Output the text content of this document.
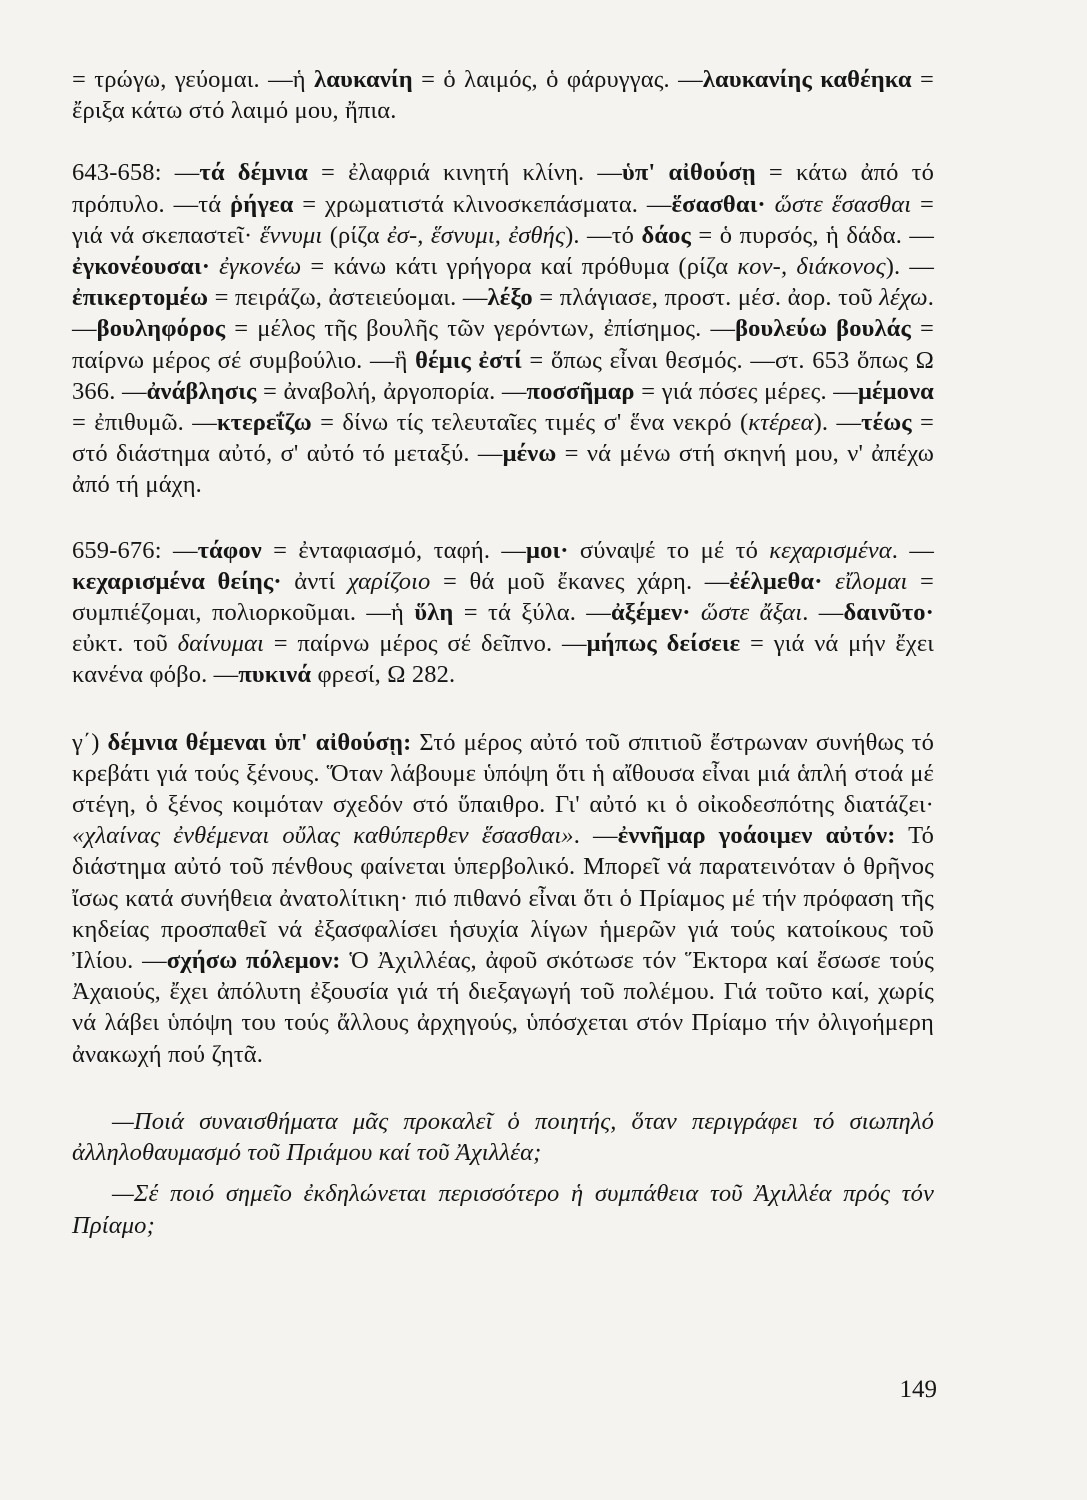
= τρώγω, γεύομαι. —ἡ λαυκανίη = ὁ λαιμός, ὁ φάρυγγας. —λαυκανίης καθέηκα = ἔριξα κάτω στό λαιμό μου, ἤπια.

643-658: —τά δέμνια = ἐλαφριά κινητή κλίνη. —ὑπ' αἰθούσῃ = κάτω ἀπό τό πρόπυλο. —τά ῥήγεα = χρωματιστά κλινοσκεπάσματα. —ἕσασθαι· ὥστε ἕσασθαι = γιά νά σκεπαστεῖ· ἕννυμι (ρίζα ἐσ-, ἕσνυμι, ἐσθής). —τό δάος = ὁ πυρσός, ἡ δάδα. —ἐγκονέουσαι· ἐγκονέω = κάνω κάτι γρήγορα καί πρόθυμα (ρίζα κον-, διάκονος). —ἐπικερτομέω = πειράζω, ἀστειεύομαι. —λέξο = πλάγιασε, προστ. μέσ. ἀορ. τοῦ λέχω. —βουληφόρος = μέλος τῆς βουλῆς τῶν γερόντων, ἐπίσημος. —βουλεύω βουλάς = παίρνω μέρος σέ συμβούλιο. —ἣ θέμις ἐστί = ὅπως εἶναι θεσμός. —στ. 653 ὅπως Ω 366. —ἀνάβλησις = ἀναβολή, ἀργοπορία. —ποσσῆμαρ = γιά πόσες μέρες. —μέμονα = ἐπιθυμῶ. —κτερεΐζω = δίνω τίς τελευταῖες τιμές σ' ἕνα νεκρό (κτέρεα). —τέως = στό διάστημα αὐτό, σ' αὐτό τό μεταξύ. —μένω = νά μένω στή σκηνή μου, ν' ἀπέχω ἀπό τή μάχη.

659-676: —τάφον = ἐνταφιασμό, ταφή. —μοι· σύναψέ το μέ τό κεχαρισμένα. —κεχαρισμένα θείης· ἀντί χαρίζοιο = θά μοῦ ἔκανες χάρη. —ἐέλμεθα· εἴλομαι = συμπιέζομαι, πολιορκοῦμαι. —ἡ ὕλη = τά ξύλα. —ἀξέμεν· ὥστε ἄξαι. —δαινῦτο· εὐκτ. τοῦ δαίνυμαι = παίρνω μέρος σέ δεῖπνο. —μήπως δείσειε = γιά νά μήν ἔχει κανένα φόβο. —πυκινά φρεσί, Ω 282.

γ΄) δέμνια θέμεναι ὑπ' αἰθούσῃ: Στό μέρος αὐτό τοῦ σπιτιοῦ ἔστρωναν συνήθως τό κρεβάτι γιά τούς ξένους. Ὅταν λάβουμε ὑπόψη ὅτι ἡ αἴθουσα εἶναι μιά ἁπλή στοά μέ στέγη, ὁ ξένος κοιμόταν σχεδόν στό ὕπαιθρο. Γι' αὐτό κι ὁ οἰκοδεσπότης διατάζει· «χλαίνας ἐνθέμεναι οὔλας καθύπερθεν ἕσασθαι». —ἐννῆμαρ γοάοιμεν αὐτόν: Τό διάστημα αὐτό τοῦ πένθους φαίνεται ὑπερβολικό. Μπορεῖ νά παρατεινόταν ὁ θρῆνος ἴσως κατά συνήθεια ἀνατολίτικη· πιό πιθανό εἶναι ὅτι ὁ Πρίαμος μέ τήν πρόφαση τῆς κηδείας προσπαθεῖ νά ἐξασφαλίσει ἡσυχία λίγων ἡμερῶν γιά τούς κατοίκους τοῦ Ἰλίου. —σχήσω πόλεμον: Ὁ Ἀχιλλέας, ἀφοῦ σκότωσε τόν Ἕκτορα καί ἔσωσε τούς Ἀχαιούς, ἔχει ἀπόλυτη ἐξουσία γιά τή διεξαγωγή τοῦ πολέμου. Γιά τοῦτο καί, χωρίς νά λάβει ὑπόψη του τούς ἄλλους ἀρχηγούς, ὑπόσχεται στόν Πρίαμο τήν ὀλιγοήμερη ἀνακωχή πού ζητᾶ.

—Ποιά συναισθήματα μᾶς προκαλεῖ ὁ ποιητής, ὅταν περιγράφει τό σιωπηλό ἀλληλοθαυμασμό τοῦ Πριάμου καί τοῦ Ἀχιλλέα;

—Σέ ποιό σημεῖο ἐκδηλώνεται περισσότερο ἡ συμπάθεια τοῦ Ἀχιλλέα πρός τόν Πρίαμο;

149
